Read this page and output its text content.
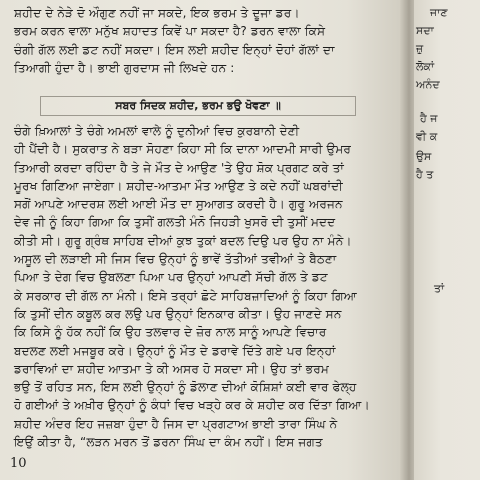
ਸ਼ਹੀਦ ਦੇ ਨੇੜੇ ਦੋ ਔਗੁਣ ਨਹੀਂ ਜਾ ਸਕਦੇ, ਇਕ ਭਰਮ ਤੇ ਦੂਜਾ ਡਰ।
ਭਰਮ ਕਰਨ ਵਾਲਾ ਮਨੁੱਖ ਸ਼ਹਾਦਤ ਕਿਵੇਂ ਪਾ ਸਕਦਾ ਹੈ? ਡਰਨ ਵਾਲਾ ਕਿਸੇ
ਚੰਗੀ ਗੱਲ ਲਈ ਡਟ ਨਹੀਂ ਸਕਦਾ। ਇਸ ਲਈ ਸ਼ਹੀਦ ਇਨ੍ਹਾਂ ਦੋਹਾਂ ਗੱਲਾਂ ਦਾ
ਤਿਆਗੀ ਹੁੰਦਾ ਹੈ। ਭਾਈ ਗੁਰਦਾਸ ਜੀ ਲਿਖਦੇ ਹਨ :

ਸਬਰ ਸਿਦਕ ਸ਼ਹੀਦ, ਭਰਮ ਭਉ ਖੋਵਣਾ ॥

ਚੰਗੇ ਖ਼ਿਆਲਾਂ ਤੇ ਚੰਗੇ ਅਮਲਾਂ ਵਾਲੇ ਨੂੰ ਦੁਨੀਆਂ ਵਿਚ ਕੁਰਬਾਨੀ ਦੇਣੀ
ਹੀ ਪੈਂਦੀ ਹੈ। ਸੁਕਰਾਤ ਨੇ ਬੜਾ ਸੋਹਣਾ ਕਿਹਾ ਸੀ ਕਿ ਦਾਨਾ ਆਦਮੀ ਸਾਰੀ ਉਮਰ
ਤਿਆਰੀ ਕਰਦਾ ਰਹਿੰਦਾ ਹੈ ਤੇ ਜੇ ਮੌਤ ਦੇ ਆਉਣ 'ਤੇ ਉਹ ਸ਼ੋਕ ਪ੍ਰਗਟ ਕਰੇ ਤਾਂ
ਮੂਰਖ ਗਿਣਿਆ ਜਾਏਗਾ। ਸ਼ਹੀਦ-ਆਤਮਾ ਮੌਤ ਆਉਣ ਤੇ ਕਦੇ ਨਹੀਂ ਘਬਰਾਂਦੀ
ਸਗੋਂ ਆਪਣੇ ਆਦਰਸ਼ ਲਈ ਆਈ ਮੌਤ ਦਾ ਸੁਆਗਤ ਕਰਦੀ ਹੈ। ਗੁਰੂ ਅਰਜਨ
ਦੇਵ ਜੀ ਨੂੰ ਕਿਹਾ ਗਿਆ ਕਿ ਤੁਸੀਂ ਗਲਤੀ ਮੰਨੋ ਜਿਹੜੀ ਖੁਸਰੋ ਦੀ ਤੁਸੀਂ ਮਦਦ
ਕੀਤੀ ਸੀ। ਗੁਰੂ ਗ੍ਰੰਥ ਸਾਹਿਬ ਦੀਆਂ ਕੁਝ ਤੁਕਾਂ ਬਦਲ ਦਿਉ ਪਰ ਉਹ ਨਾ ਮੰਨੇ।
ਅਸੂਲ ਦੀ ਲੜਾਈ ਸੀ ਜਿਸ ਵਿਚ ਉਨ੍ਹਾਂ ਨੂੰ ਭਾਵੇਂ ਤੱਤੀਆਂ ਤਵੀਆਂ ਤੇ ਬੈਠਣਾ
ਪਿਆ ਤੇ ਦੇਗ ਵਿਚ ਉਬਲਣਾ ਪਿਆ ਪਰ ਉਨ੍ਹਾਂ ਆਪਣੀ ਸੱਚੀ ਗੱਲ ਤੇ ਡਟ
ਕੇ ਸਰਕਾਰ ਦੀ ਗੱਲ ਨਾ ਮੰਨੀ। ਇਸੇ ਤਰ੍ਹਾਂ ਛੋਟੇ ਸਾਹਿਬਜ਼ਾਦਿਆਂ ਨੂੰ ਕਿਹਾ ਗਿਆ
ਕਿ ਤੁਸੀਂ ਦੀਨ ਕਬੂਲ ਕਰ ਲਉ ਪਰ ਉਨ੍ਹਾਂ ਇਨਕਾਰ ਕੀਤਾ। ਉਹ ਜਾਣਦੇ ਸਨ
ਕਿ ਕਿਸੇ ਨੂੰ ਹੱਕ ਨਹੀਂ ਕਿ ਉਹ ਤਲਵਾਰ ਦੇ ਜ਼ੋਰ ਨਾਲ ਸਾਨੂੰ ਆਪਣੇ ਵਿਚਾਰ
ਬਦਲਣ ਲਈ ਮਜਬੂਰ ਕਰੇ। ਉਨ੍ਹਾਂ ਨੂੰ ਮੌਤ ਦੇ ਡਰਾਵੇ ਦਿੱਤੇ ਗਏ ਪਰ ਇਨ੍ਹਾਂ
ਡਰਾਵਿਆਂ ਦਾ ਸ਼ਹੀਦ ਆਤਮਾ ਤੇ ਕੀ ਅਸਰ ਹੋ ਸਕਦਾ ਸੀ। ਉਹ ਤਾਂ ਭਰਮ
ਭਉ ਤੋਂ ਰਹਿਤ ਸਨ, ਇਸ ਲਈ ਉਨ੍ਹਾਂ ਨੂੰ ਡੋਲਾਣ ਦੀਆਂ ਕੋਸ਼ਿਸ਼ਾਂ ਕਈ ਵਾਰ ਫੇਲ੍ਹ
ਹੋ ਗਈਆਂ ਤੇ ਅਖ਼ੀਰ ਉਨ੍ਹਾਂ ਨੂੰ ਕੰਧਾਂ ਵਿਚ ਖੜ੍ਹੇ ਕਰ ਕੇ ਸ਼ਹੀਦ ਕਰ ਦਿੱਤਾ ਗਿਆ।
ਸ਼ਹੀਦ ਅੰਦਰ ਇਹ ਜਜ਼ਬਾ ਹੁੰਦਾ ਹੈ ਜਿਸ ਦਾ ਪ੍ਰਗਟਾਅ ਭਾਈ ਤਾਰਾ ਸਿੰਘ ਨੇ
ਇਉਂ ਕੀਤਾ ਹੈ, “ਲੜਨ ਮਰਨ ਤੋਂ ਡਰਨਾ ਸਿੰਘ ਦਾ ਕੰਮ ਨਹੀਂ। ਇਸ ਜਗਤ

10
ਜਾਣ
ਸਦਾ
ਜ਼ੁ
ਲੋਕਾਂ
ਅਨੰਦ
ਹੈ ਜ
ਵੀ ਕ
ਉਸ
ਹੈ ਤ
ਤਾਂ
